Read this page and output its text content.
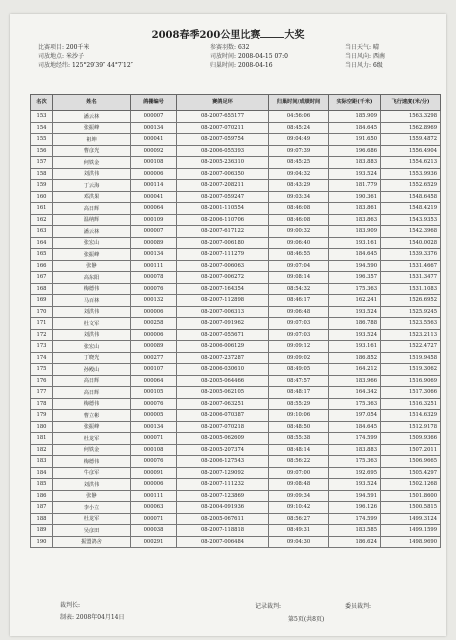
2008春季200公里比赛 大奖
比赛项目: 200千米	参赛羽数: 632	当日天气: 晴
司放地点: 米沙子	司放时间: 2008-04-15 07:0	当日风向: 西南
司放地经纬: 125°29′39″ 44°7′12″	归巢时间: 2008-04-16	当日风力: 6级
名次	姓名	鸽棚编号	赛鸽足环	归巢时间/成绩时间	实际空距(千米)	飞行速度(米/分)
153	潘云林	000007	08-2007-655177	04:56:06	185.909	1563.3298
154	张振峰	000134	08-2007-070211	08:45:24	184.645	1562.8969
155	祖坤	000041	08-2007-059754	09:04:49	191.650	1559.4872
156	曹彦光	000092	08-2006-055393	09:07:39	196.686	1556.4904
157	何铁金	000108	08-2005-236310	08:45:25	183.883	1554.6213
158	刘洪伟	000006	08-2007-006350	09:04:32	193.524	1553.9936
159	丁云海	000114	08-2007-208211	08:43:29	181.779	1552.6529
160	邓洪果	000041	08-2007-059247	09:03:34	190.361	1548.6458
161	高日辉	000064	08-2001-110554	08:46:08	183.861	1548.4219
162	温纳辉	000109	08-2006-110706	08:46:08	183.863	1543.9353
163	潘云林	000007	08-2007-617122	09:00:32	183.909	1542.3968
164	张宏山	000089	08-2007-006180	09:06:40	193.161	1540.0028
165	张振峰	000134	08-2007-111279	08:46:55	184.645	1539.3376
166	张静	000111	08-2007-006063	09:07:04	194.590	1531.4667
167	高东阳	000078	08-2007-006272	09:08:14	196.357	1531.3477
168	梅德伟	000076	08-2007-164354	08:54:32	175.363	1531.1083
169	马百林	000132	08-2007-112898	08:46:17	162.241	1526.6952
170	刘洪伟	000006	08-2007-006313	09:06:48	193.524	1525.9245
171	杜文军	000258	08-2007-091962	09:07:03	186.788	1523.5563
172	刘洪伟	000006	08-2007-055671	09:07:03	193.524	1523.2113
173	张宏山	000089	08-2006-006129	09:09:12	193.161	1522.4727
174	丁晓光	000277	08-2007-237287	09:09:02	186.852	1519.9458
175	孙殿山	000107	08-2006-030610	08:49:05	164.212	1519.3062
176	高日辉	000064	08-2005-064466	08:47:57	183.966	1516.9069
177	高日辉	000105	08-2005-062105	08:48:17	164.342	1517.3066
178	梅德伟	000076	08-2007-063251	08:55:29	175.363	1516.3251
179	曹立彬	000005	08-2006-070387	09:10:06	197.054	1514.6329
180	张振峰	000134	08-2007-070218	08:48:50	184.645	1512.9178
181	杜龙军	000071	08-2005-062609	08:55:38	174.599	1509.9366
182	何铁金	000108	08-2005-207374	08:48:14	183.883	1507.2011
183	梅德伟	000076	08-2006-127543	08:56:22	175.363	1506.9665
184	牛彦军	000091	08-2007-129092	09:07:00	192.695	1505.4297
185	刘洪伟	000006	08-2007-111232	09:08:48	193.524	1502.1268
186	张静	000111	08-2007-123869	09:09:34	194.591	1501.8600
187	李小立	000063	08-2004-091936	09:10:42	196.126	1500.5815
188	杜龙军	000071	08-2005-067611	08:56:27	174.599	1499.3124
189	吴彦田	000038	08-2007-118818	08:49:31	183.585	1499.1599
190	振盟鸽舍	000291	08-2007-006484	09:04:30	186.624	1498.9690
裁判长:
制表: 2008年04月14日
记录裁判:	委员裁判:
第5页(共8页)
